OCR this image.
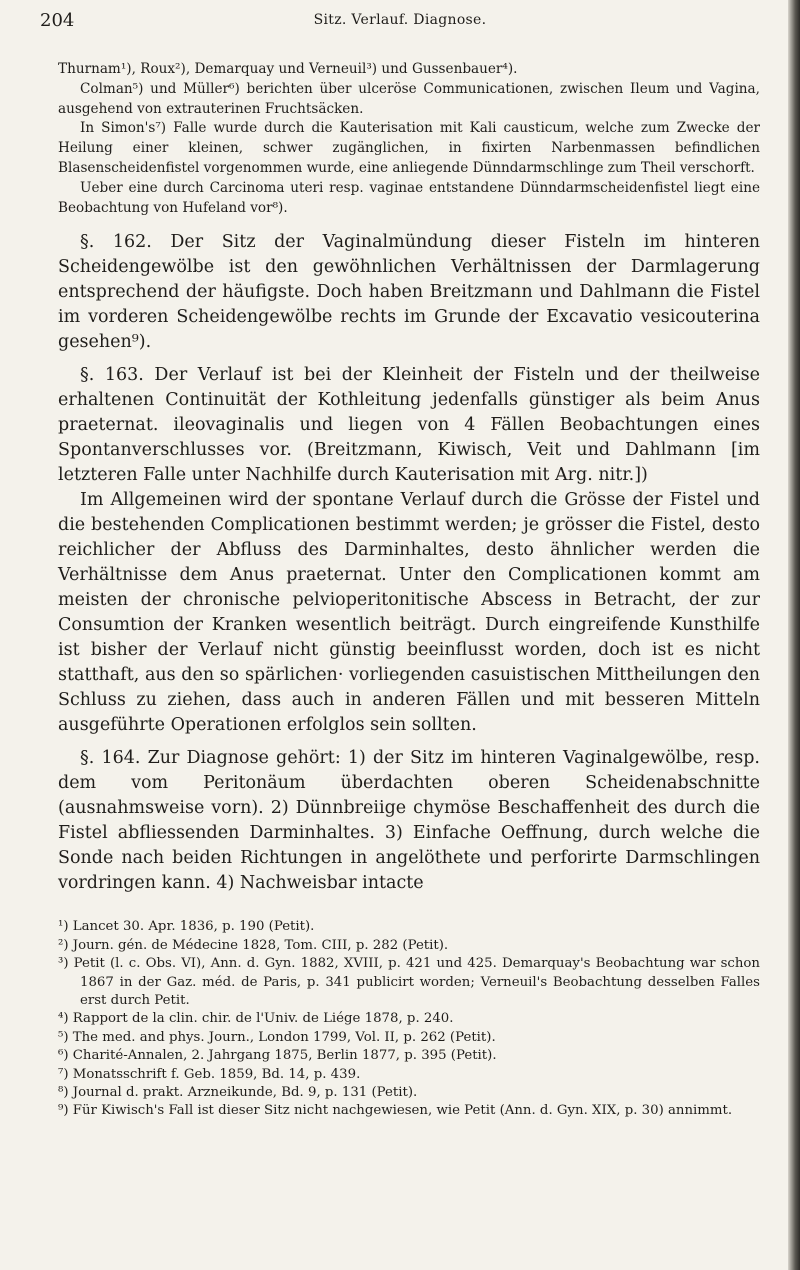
204	Sitz. Verlauf. Diagnose.

Thurnam¹), Roux²), Demarquay und Verneuil³) und Gussenbauer⁴).

Colman⁵) und Müller⁶) berichten über ulceröse Communicationen, zwischen Ileum und Vagina, ausgehend von extrauterinen Fruchtsäcken.

In Simon's⁷) Falle wurde durch die Kauterisation mit Kali causticum, welche zum Zwecke der Heilung einer kleinen, schwer zugänglichen, in fixirten Narbenmassen befindlichen Blasenscheidenfistel vorgenommen wurde, eine anliegende Dünndarmschlinge zum Theil verschorft.

Ueber eine durch Carcinoma uteri resp. vaginae entstandene Dünndarmscheidenfistel liegt eine Beobachtung von Hufeland vor⁸).

§. 162. Der Sitz der Vaginalmündung dieser Fisteln im hinteren Scheidengewölbe ist den gewöhnlichen Verhältnissen der Darmlagerung entsprechend der häufigste. Doch haben Breitzmann und Dahlmann die Fistel im vorderen Scheidengewölbe rechts im Grunde der Excavatio vesicouterina gesehen⁹).

§. 163. Der Verlauf ist bei der Kleinheit der Fisteln und der theilweise erhaltenen Continuität der Kothleitung jedenfalls günstiger als beim Anus praeternat. ileovaginalis und liegen von 4 Fällen Beobachtungen eines Spontanverschlusses vor. (Breitzmann, Kiwisch, Veit und Dahlmann [im letzteren Falle unter Nachhilfe durch Kauterisation mit Arg. nitr.])

Im Allgemeinen wird der spontane Verlauf durch die Grösse der Fistel und die bestehenden Complicationen bestimmt werden; je grösser die Fistel, desto reichlicher der Abfluss des Darminhaltes, desto ähnlicher werden die Verhältnisse dem Anus praeternat. Unter den Complicationen kommt am meisten der chronische pelvioperitonitische Abscess in Betracht, der zur Consumtion der Kranken wesentlich beiträgt. Durch eingreifende Kunsthilfe ist bisher der Verlauf nicht günstig beeinflusst worden, doch ist es nicht statthaft, aus den so spärlichen· vorliegenden casuistischen Mittheilungen den Schluss zu ziehen, dass auch in anderen Fällen und mit besseren Mitteln ausgeführte Operationen erfolglos sein sollten.

§. 164. Zur Diagnose gehört: 1) der Sitz im hinteren Vaginalgewölbe, resp. dem vom Peritonäum überdachten oberen Scheidenabschnitte (ausnahmsweise vorn). 2) Dünnbreiige chymöse Beschaffenheit des durch die Fistel abfliessenden Darminhaltes. 3) Einfache Oeffnung, durch welche die Sonde nach beiden Richtungen in angelöthete und perforirte Darmschlingen vordringen kann. 4) Nachweisbar intacte

¹) Lancet 30. Apr. 1836, p. 190 (Petit).
²) Journ. gén. de Médecine 1828, Tom. CIII, p. 282 (Petit).
³) Petit (l. c. Obs. VI), Ann. d. Gyn. 1882, XVIII, p. 421 und 425. Demarquay's Beobachtung war schon 1867 in der Gaz. méd. de Paris, p. 341 publicirt worden; Verneuil's Beobachtung desselben Falles erst durch Petit.
⁴) Rapport de la clin. chir. de l'Univ. de Liége 1878, p. 240.
⁵) The med. and phys. Journ., London 1799, Vol. II, p. 262 (Petit).
⁶) Charité-Annalen, 2. Jahrgang 1875, Berlin 1877, p. 395 (Petit).
⁷) Monatsschrift f. Geb. 1859, Bd. 14, p. 439.
⁸) Journal d. prakt. Arzneikunde, Bd. 9, p. 131 (Petit).
⁹) Für Kiwisch's Fall ist dieser Sitz nicht nachgewiesen, wie Petit (Ann. d. Gyn. XIX, p. 30) annimmt.
